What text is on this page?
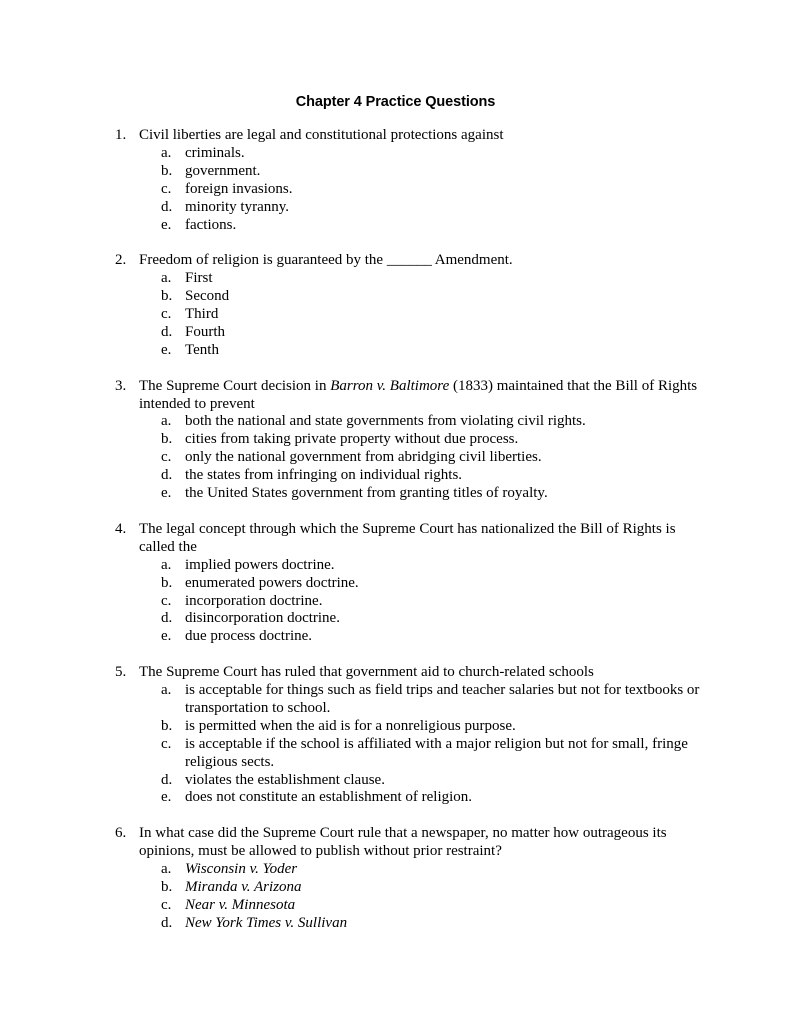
Chapter 4 Practice Questions
1. Civil liberties are legal and constitutional protections against
a. criminals.
b. government.
c. foreign invasions.
d. minority tyranny.
e. factions.
2. Freedom of religion is guaranteed by the ______ Amendment.
a. First
b. Second
c. Third
d. Fourth
e. Tenth
3. The Supreme Court decision in Barron v. Baltimore (1833) maintained that the Bill of Rights intended to prevent
a. both the national and state governments from violating civil rights.
b. cities from taking private property without due process.
c. only the national government from abridging civil liberties.
d. the states from infringing on individual rights.
e. the United States government from granting titles of royalty.
4. The legal concept through which the Supreme Court has nationalized the Bill of Rights is called the
a. implied powers doctrine.
b. enumerated powers doctrine.
c. incorporation doctrine.
d. disincorporation doctrine.
e. due process doctrine.
5. The Supreme Court has ruled that government aid to church-related schools
a. is acceptable for things such as field trips and teacher salaries but not for textbooks or transportation to school.
b. is permitted when the aid is for a nonreligious purpose.
c. is acceptable if the school is affiliated with a major religion but not for small, fringe religious sects.
d. violates the establishment clause.
e. does not constitute an establishment of religion.
6. In what case did the Supreme Court rule that a newspaper, no matter how outrageous its opinions, must be allowed to publish without prior restraint?
a. Wisconsin v. Yoder
b. Miranda v. Arizona
c. Near v. Minnesota
d. New York Times v. Sullivan
